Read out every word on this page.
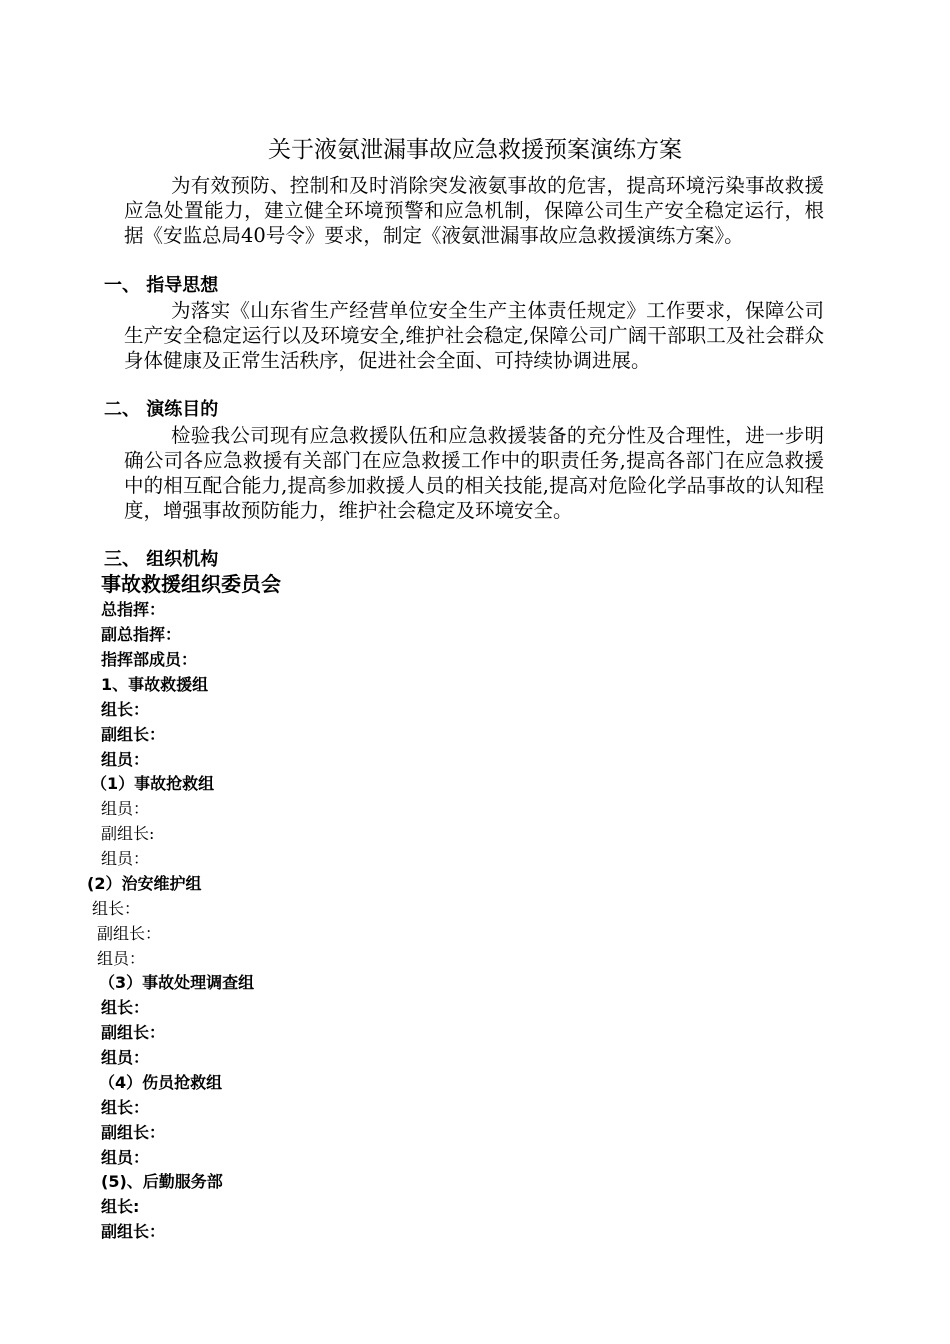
关于液氨泄漏事故应急救援预案演练方案
为有效预防、控制和及时消除突发液氨事故的危害，提高环境污染事故救援应急处置能力，建立健全环境预警和应急机制，保障公司生产安全稳定运行，根据《安监总局40号令》要求，制定《液氨泄漏事故应急救援演练方案》。
一、 指导思想
为落实《山东省生产经营单位安全生产主体责任规定》工作要求，保障公司生产安全稳定运行以及环境安全,维护社会稳定,保障公司广阔干部职工及社会群众身体健康及正常生活秩序，促进社会全面、可持续协调进展。
二、 演练目的
检验我公司现有应急救援队伍和应急救援装备的充分性及合理性，进一步明确公司各应急救援有关部门在应急救援工作中的职责任务,提高各部门在应急救援中的相互配合能力,提高参加救援人员的相关技能,提高对危险化学品事故的认知程度，增强事故预防能力，维护社会稳定及环境安全。
三、 组织机构
事故救援组织委员会
总指挥：
副总指挥：
指挥部成员：
1、事故救援组
组长：
副组长：
组员：
（1）事故抢救组
组员：
副组长:
组员：
(2）治安维护组
组长：
副组长：
组员：
（3）事故处理调查组
组长：
副组长：
组员：
（4）伤员抢救组
组长：
副组长：
组员：
(5)、后勤服务部
组长:
副组长：
